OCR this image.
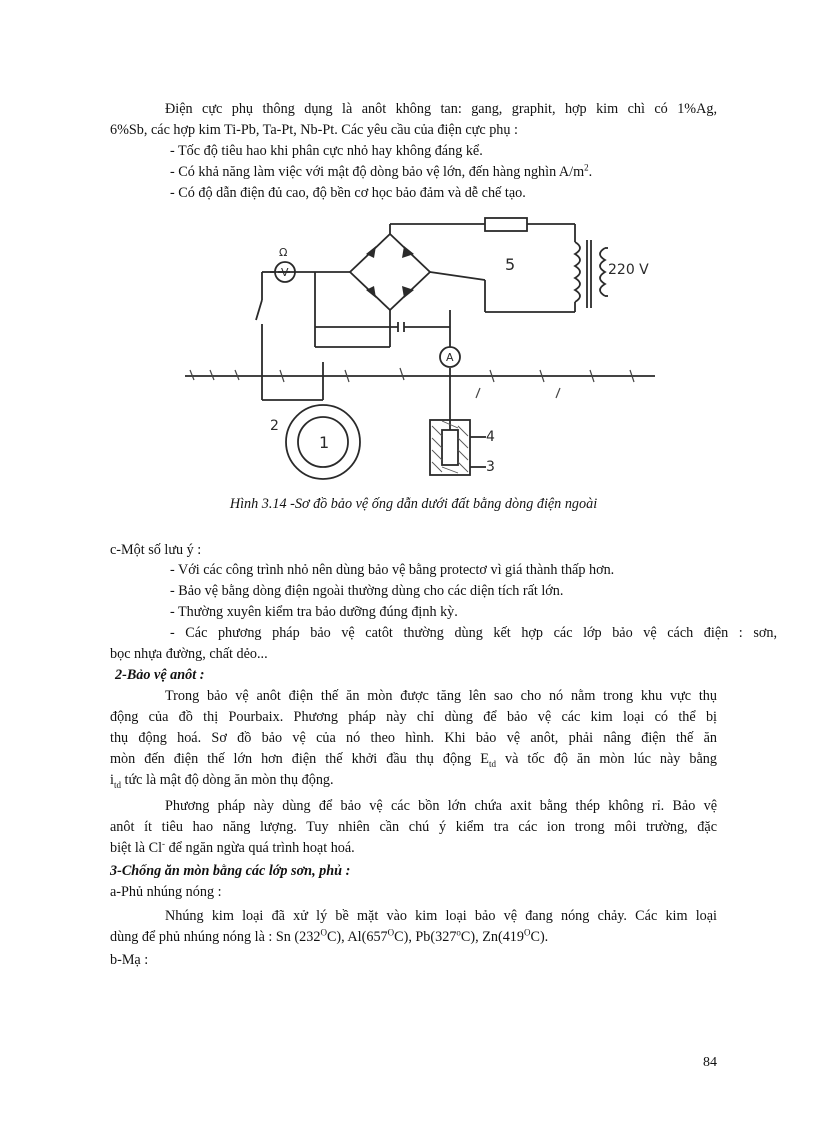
Điện cực phụ thông dụng là anôt không tan: gang, graphit, hợp kim chì có 1%Ag,
6%Sb, các hợp kim Ti-Pb, Ta-Pt, Nb-Pt. Các yêu cầu của điện cực phụ :
- Tốc độ tiêu hao khi phân cực nhỏ hay không đáng kể.
- Có khả năng làm việc với mật độ dòng bảo vệ lớn, đến hàng nghìn $A/m^2$.
- Có độ dẫn điện đủ cao, độ bền cơ học bảo đảm và dễ chế tạo.
V
Ω
A
5	220 V
1
2
3
4
Hình 3.14 -Sơ đồ bảo vệ ống dẫn dưới đất bằng dòng điện ngoài
c-Một số lưu ý :
- Với các công trình nhỏ nên dùng bảo vệ bằng protectơ vì giá thành thấp hơn.
- Bảo vệ bằng dòng điện ngoài thường dùng cho các diện tích rất lớn.
- Thường xuyên kiểm tra bảo dưỡng đúng định kỳ.
- Các phương pháp bảo vệ catôt thường dùng kết hợp các lớp bảo vệ cách điện : sơn,
bọc nhựa đường, chất dẻo...
2-Bảo vệ anôt :
Trong bảo vệ anôt điện thế ăn mòn được tăng lên sao cho nó nằm trong khu vực thụ
động của đồ thị Pourbaix. Phương pháp này chỉ dùng để bảo vệ các kim loại có thể bị
thụ động hoá. Sơ đồ bảo vệ của nó theo hình. Khi bảo vệ anôt, phải nâng điện thế ăn
mòn đến điện thế lớn hơn điện thế khởi đầu thụ động $E_{td}$ và tốc độ ăn mòn lúc này bằng
$i_{td}$ tức là mật độ dòng ăn mòn thụ động.
Phương pháp này dùng để bảo vệ các bồn lớn chứa axit bằng thép không rỉ. Bảo vệ
anôt ít tiêu hao năng lượng. Tuy nhiên cần chú ý kiểm tra các ion trong môi trường, đặc
biệt là Cl- để ngăn ngừa quá trình hoạt hoá.
3-Chống ăn mòn bằng các lớp sơn, phủ :
a-Phủ nhúng nóng :
Nhúng kim loại đã xử lý bề mặt vào kim loại bảo vệ đang nóng chảy. Các kim loại
dùng để phủ nhúng nóng là : Sn $(232^OC)$, $Al(657^OC)$, Pb(327$^o$C), $Zn(419^OC)$.
b-Mạ :
84
